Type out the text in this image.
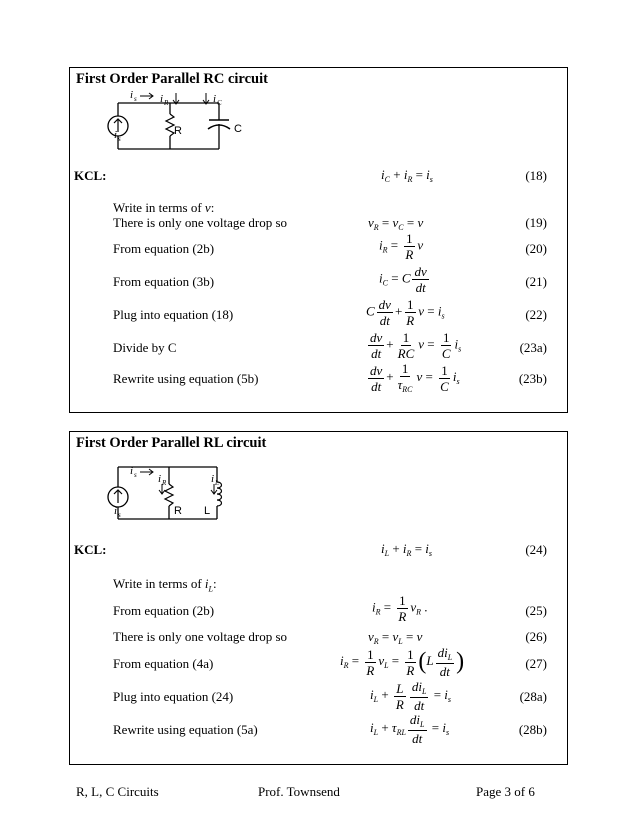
First Order Parallel RC circuit
i s i R	i C
i s
R	C
KCL:	$i_C + i_R = i_s$	(18)
Write in terms of v:
There is only one voltage drop so	$v_R = v_C = v$	(19)
From equation (2b)	$i_R = \frac{1}{R}$ v	(20)
From equation (3b)	$i_C = C \frac{dv}{dt}$	(21)
Plug into equation (18)	C $\frac{dv}{dt} + \frac{1}{R}$ $v = i_s$	(22)
Divide by C	$\frac{dv}{dt} + \frac{1}{RC}$ $v = \frac{1}{C} i_s$	(23a)
Rewrite using equation (5b)	$\frac{dv}{dt} + \frac{1}{\tau_{RC}}$ $v = \frac{1}{C} i_s$	(23b)
First Order Parallel RL circuit
i s i R	i L
i s	R L
KCL:	$i_L + i_R = i_s$	(24)
Write in terms of $i_L$:
From equation (2b)	$i_R = \frac{1}{R} v_R$ .	(25)
There is only one voltage drop so	$v_R = v_L = v$	(26)
From equation (4a)	$i_R = \frac{1}{R} v_L = \frac{1}{R} (L \frac{di_L}{dt}$ )	(27)
Plug into equation (24)	$i_L + \frac{L}{R} \frac{di_L}{dt} = i_s$	(28a)
Rewrite using equation (5a)	$i_L + \tau_{RL} \frac{di_L}{dt} = i_s$	(28b)
R, L, C Circuits	Prof. Townsend	Page 3 of 6
